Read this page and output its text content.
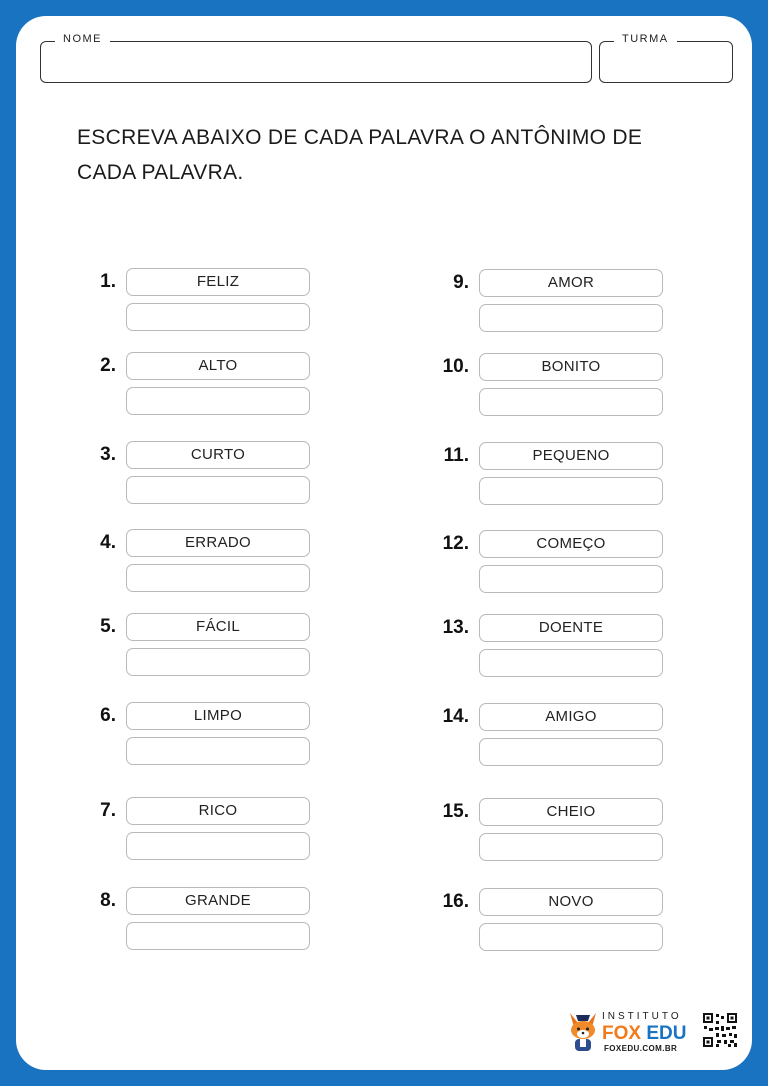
NOME	TURMA
ESCREVA ABAIXO DE CADA PALAVRA O ANTÔNIMO DE CADA PALAVRA.
1.	FELIZ
2.	ALTO
3.	CURTO
4.	ERRADO
5.	FÁCIL
6.	LIMPO
7.	RICO
8.	GRANDE
9.	AMOR
10.	BONITO
11.	PEQUENO
12.	COMEÇO
13.	DOENTE
14.	AMIGO
15.	CHEIO
16.	NOVO
INSTITUTO
FOX EDU
FOXEDU.COM.BR
